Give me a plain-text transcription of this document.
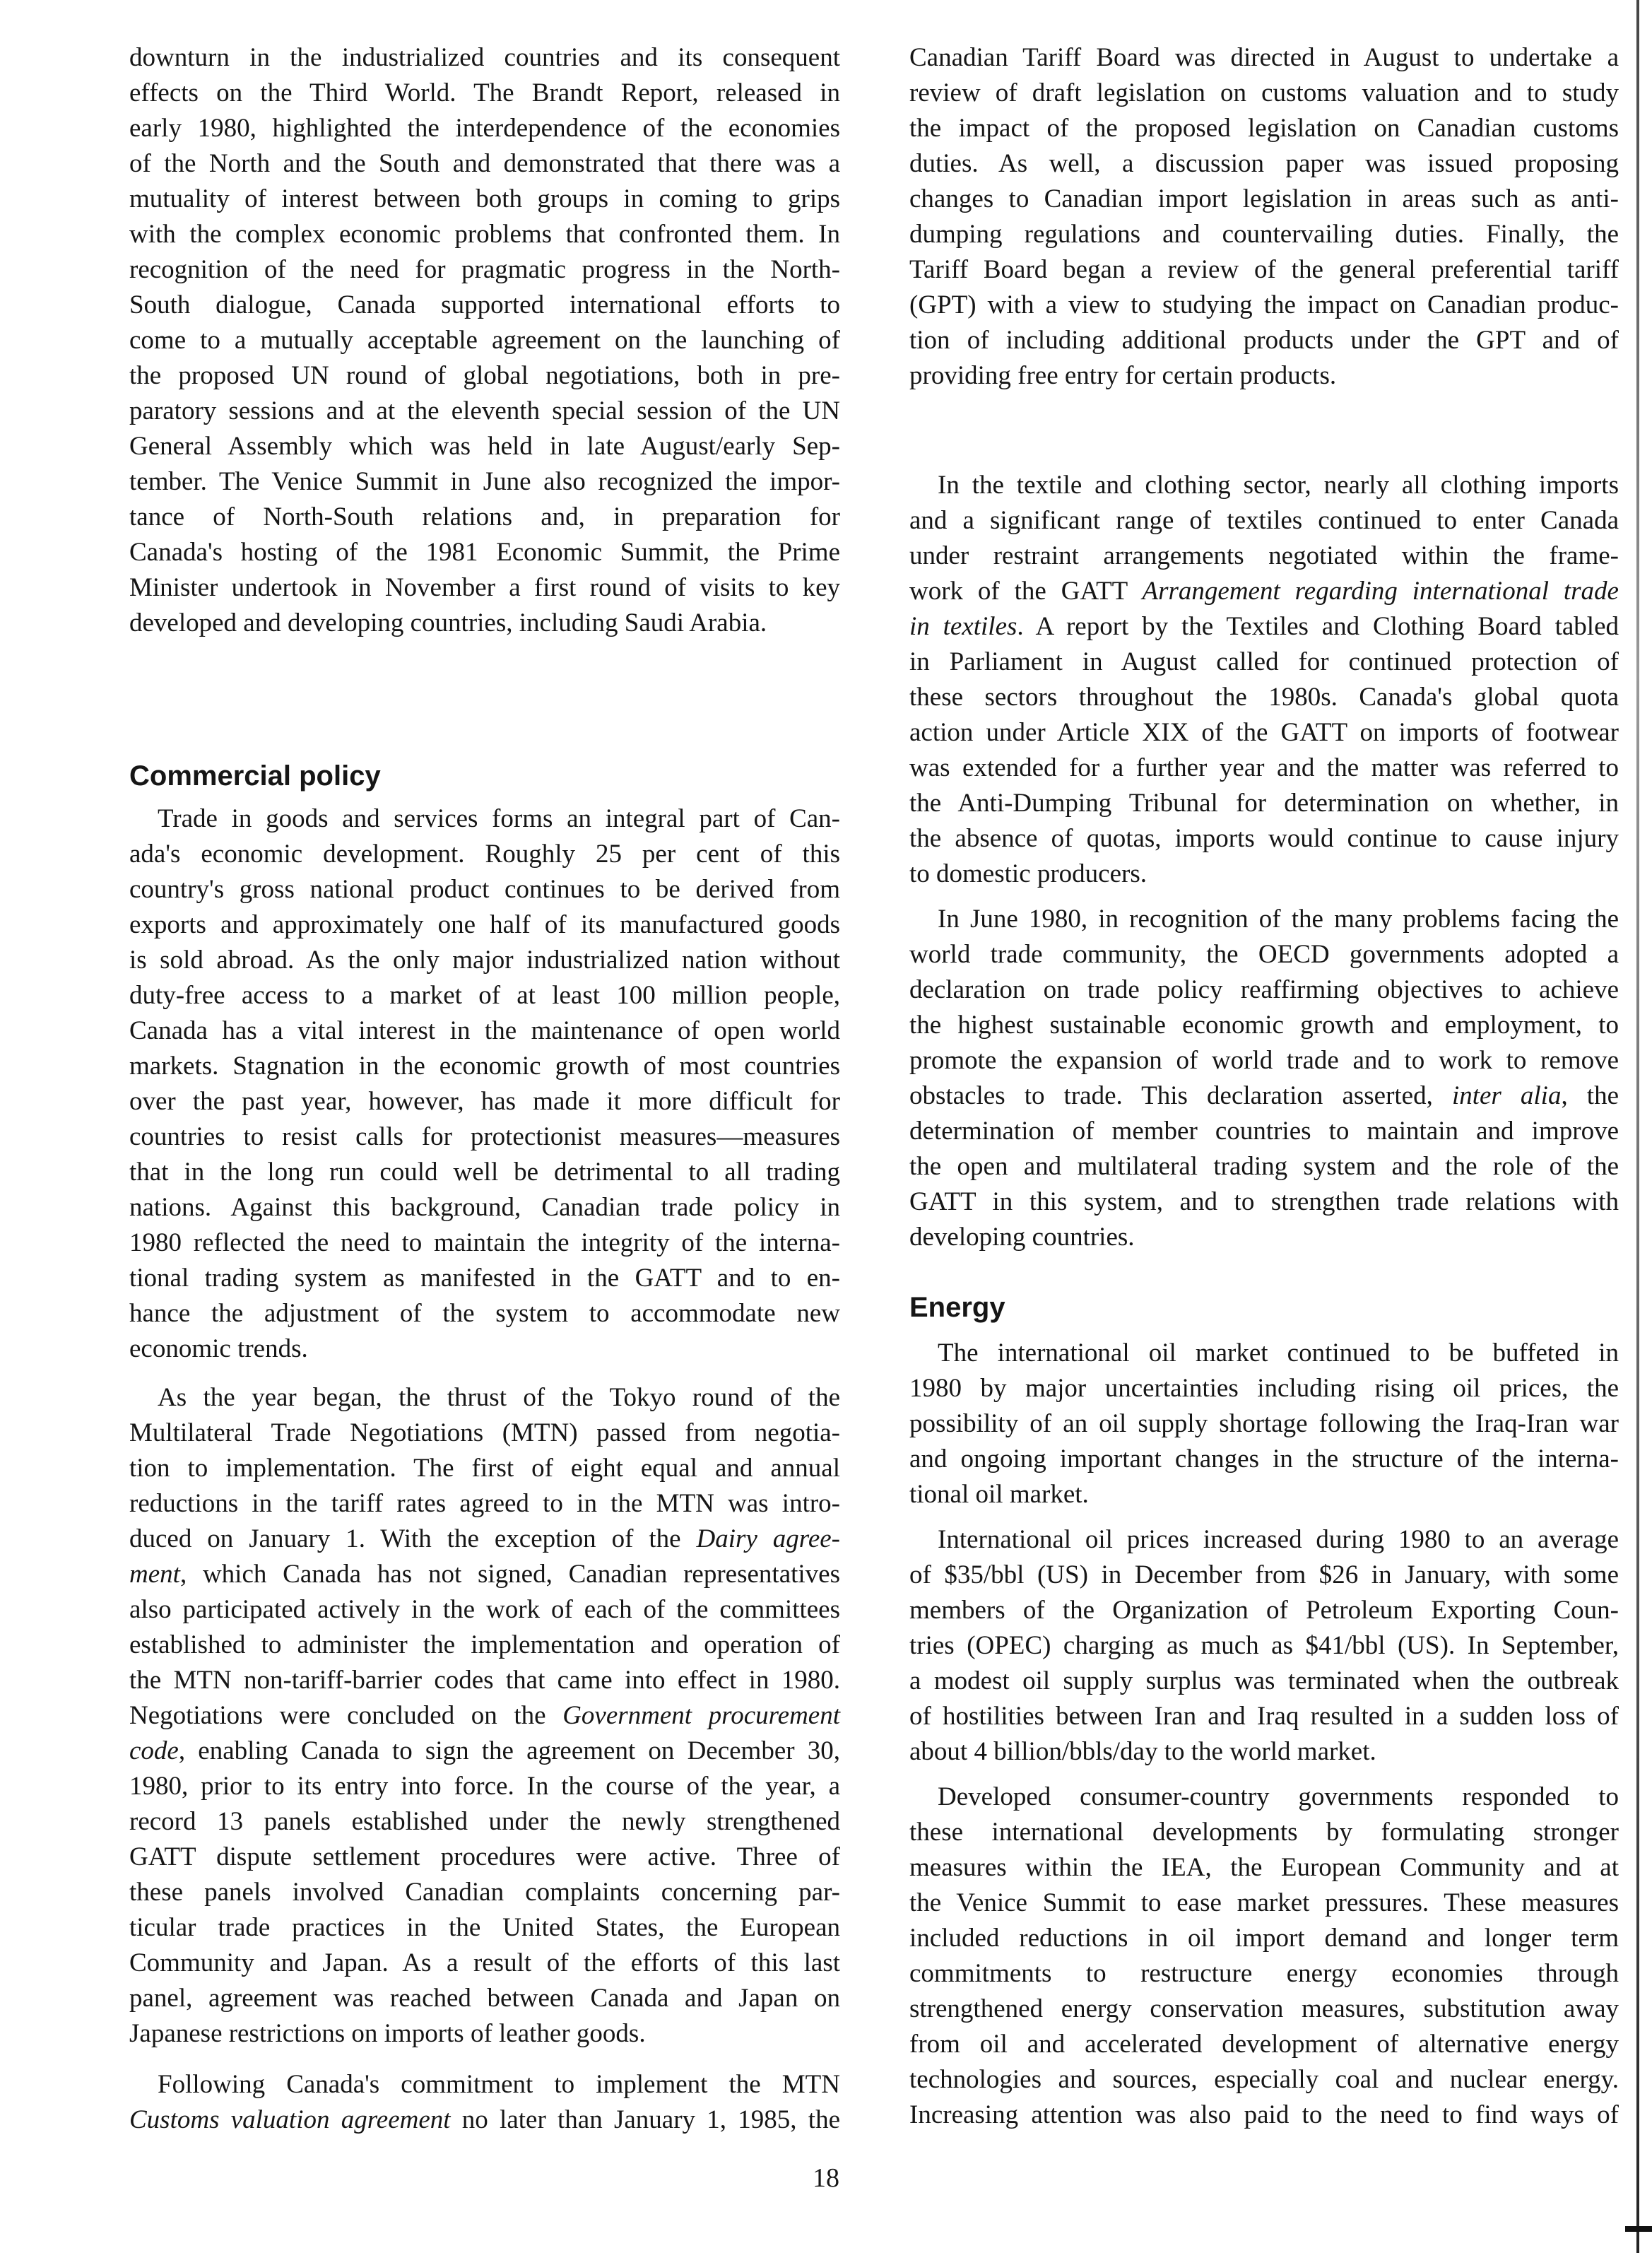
downturn in the industrialized countries and its consequent
effects on the Third World. The Brandt Report, released in
early 1980, highlighted the interdependence of the economies
of the North and the South and demonstrated that there was a
mutuality of interest between both groups in coming to grips
with the complex economic problems that confronted them. In
recognition of the need for pragmatic progress in the North-
South dialogue, Canada supported international efforts to
come to a mutually acceptable agreement on the launching of
the proposed UN round of global negotiations, both in pre-
paratory sessions and at the eleventh special session of the UN
General Assembly which was held in late August/early Sep-
tember. The Venice Summit in June also recognized the impor-
tance of North-South relations and, in preparation for
Canada's hosting of the 1981 Economic Summit, the Prime
Minister undertook in November a first round of visits to key
developed and developing countries, including Saudi Arabia.
Commercial policy
Trade in goods and services forms an integral part of Can-
ada's economic development. Roughly 25 per cent of this
country's gross national product continues to be derived from
exports and approximately one half of its manufactured goods
is sold abroad. As the only major industrialized nation without
duty-free access to a market of at least 100 million people,
Canada has a vital interest in the maintenance of open world
markets. Stagnation in the economic growth of most countries
over the past year, however, has made it more difficult for
countries to resist calls for protectionist measures—measures
that in the long run could well be detrimental to all trading
nations. Against this background, Canadian trade policy in
1980 reflected the need to maintain the integrity of the interna-
tional trading system as manifested in the GATT and to en-
hance the adjustment of the system to accommodate new
economic trends.
As the year began, the thrust of the Tokyo round of the
Multilateral Trade Negotiations (MTN) passed from negotia-
tion to implementation. The first of eight equal and annual
reductions in the tariff rates agreed to in the MTN was intro-
duced on January 1. With the exception of the Dairy agree-
ment, which Canada has not signed, Canadian representatives
also participated actively in the work of each of the committees
established to administer the implementation and operation of
the MTN non-tariff-barrier codes that came into effect in 1980.
Negotiations were concluded on the Government procurement
code, enabling Canada to sign the agreement on December 30,
1980, prior to its entry into force. In the course of the year, a
record 13 panels established under the newly strengthened
GATT dispute settlement procedures were active. Three of
these panels involved Canadian complaints concerning par-
ticular trade practices in the United States, the European
Community and Japan. As a result of the efforts of this last
panel, agreement was reached between Canada and Japan on
Japanese restrictions on imports of leather goods.
Following Canada's commitment to implement the MTN
Customs valuation agreement no later than January 1, 1985, the
Canadian Tariff Board was directed in August to undertake a
review of draft legislation on customs valuation and to study
the impact of the proposed legislation on Canadian customs
duties. As well, a discussion paper was issued proposing
changes to Canadian import legislation in areas such as anti-
dumping regulations and countervailing duties. Finally, the
Tariff Board began a review of the general preferential tariff
(GPT) with a view to studying the impact on Canadian produc-
tion of including additional products under the GPT and of
providing free entry for certain products.
In the textile and clothing sector, nearly all clothing imports
and a significant range of textiles continued to enter Canada
under restraint arrangements negotiated within the frame-
work of the GATT Arrangement regarding international trade
in textiles. A report by the Textiles and Clothing Board tabled
in Parliament in August called for continued protection of
these sectors throughout the 1980s. Canada's global quota
action under Article XIX of the GATT on imports of footwear
was extended for a further year and the matter was referred to
the Anti-Dumping Tribunal for determination on whether, in
the absence of quotas, imports would continue to cause injury
to domestic producers.
In June 1980, in recognition of the many problems facing the
world trade community, the OECD governments adopted a
declaration on trade policy reaffirming objectives to achieve
the highest sustainable economic growth and employment, to
promote the expansion of world trade and to work to remove
obstacles to trade. This declaration asserted, inter alia, the
determination of member countries to maintain and improve
the open and multilateral trading system and the role of the
GATT in this system, and to strengthen trade relations with
developing countries.
Energy
The international oil market continued to be buffeted in
1980 by major uncertainties including rising oil prices, the
possibility of an oil supply shortage following the Iraq-Iran war
and ongoing important changes in the structure of the interna-
tional oil market.
International oil prices increased during 1980 to an average
of $35/bbl (US) in December from $26 in January, with some
members of the Organization of Petroleum Exporting Coun-
tries (OPEC) charging as much as $41/bbl (US). In September,
a modest oil supply surplus was terminated when the outbreak
of hostilities between Iran and Iraq resulted in a sudden loss of
about 4 billion/bbls/day to the world market.
Developed consumer-country governments responded to
these international developments by formulating stronger
measures within the IEA, the European Community and at
the Venice Summit to ease market pressures. These measures
included reductions in oil import demand and longer term
commitments to restructure energy economies through
strengthened energy conservation measures, substitution away
from oil and accelerated development of alternative energy
technologies and sources, especially coal and nuclear energy.
Increasing attention was also paid to the need to find ways of
18
